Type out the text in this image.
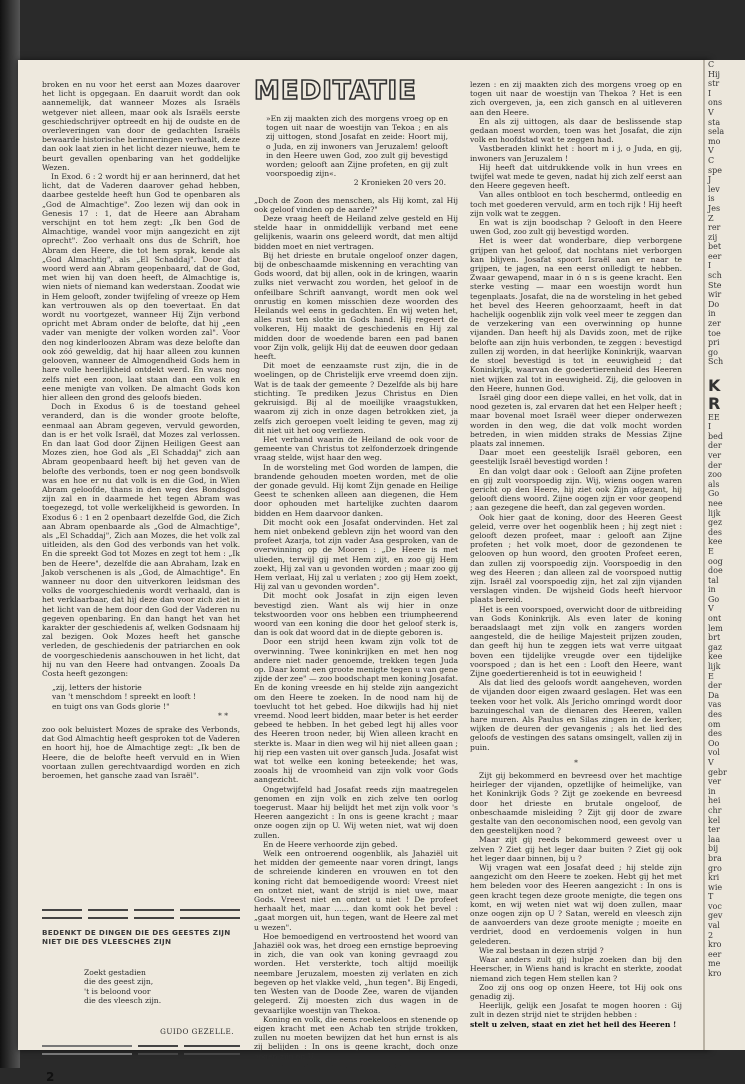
broken en nu voor het eerst aan Mozes daarover het licht is opgegaan. En daaruit wordt dan ook aannemelijk, dat wanneer Mozes als Israëls wetgever niet alleen, maar ook als Israëls eerste geschiedschrijver optreedt en hij de oudste en de overleveringen van door de gedachten Israëls bewaarde historische herinneringen verhaalt, deze dan ook laat zien in het licht dezer nieuwe, hem te beurt gevallen openbaring van het goddelijke Wezen.

In Exod. 6 : 2 wordt hij er aan herinnerd, dat het licht, dat de Vaderen daarover gehad hebben, daarbee gestelde heeft hun God te openbaren als „God de Almachtige". Zoo lezen wij dan ook in Genesis 17 : 1, dat de Heere aan Abraham verschijnt en tot hem zegt: „Ik ben God de Almachtige, wandel voor mijn aangezicht en zijt oprecht". Zoo verhaalt ons dus de Schrift, hoe Abram den Heere, die tot hem sprak, kende als „God Almachtig", als „El Schaddaj". Door dat woord werd aan Abram geopenbaard, dat de God, met wien hij van doen heeft, de Almachtige is, wien niets of niemand kan wederstaan. Zoodat wie in Hem gelooft, zonder twijfeling of vreeze op Hem kan vertrouwen als op den toevertaat. En dat wordt nu voortgezet, wanneer Hij Zijn verbond opricht met Abram onder de belofte, dat hij „een vader van menigte der volken worden zal". Voor den nog kinderloozen Abram was deze belofte dan ook zóó geweldig, dat hij haar alleen zou kunnen gelooven, wanneer de Almogendheid Gods hem in hare volle heerlijkheid ontdekt werd. En was nog zelfs niet een zoon, laat staan dan een volk en eene menigte van volken. De almacht Gods kon hier alleen den grond des geloofs bieden.

Doch in Exodus 6 is de toestand geheel veranderd, dan is die wonder groote belofte, eenmaal aan Abram gegeven, vervuld geworden, dan is er het volk Israël, dat Mozes zal verlossen. En dan laat God door Zijnen Heiligen Geest aan Mozes zien, hoe God als „El Schaddaj" zich aan Abram geopenbaard heeft bij het geven van de belofte des verbonds, toen er nog geen bondsvolk was en hoe er nu dat volk is en die God, in Wien Abram geloofde, thans in den weg des Bondsgod zijn zal en in daarmede het tegen Abram was toegezegd, tot volle werkelijkheid is geworden. In Exodus 6 : 1 en 2 openbaart dezelfde God, die Zich aan Abram openbaarde als „God de Almachtige", als „El Schaddaj", Zich aan Mozes, die het volk zal uitleiden, als den God des verbonds van het volk. En die spreekt God tot Mozes en zegt tot hem : „Ik ben de Heere", dezelfde die aan Abraham, Izak en Jakob verschenen is als „God, de Almachtige". En wanneer nu door den uitverkoren leidsman des volks de voorgeschiedenis wordt verhaald, dan is het verklaarbaar, dat hij deze dan voor zich ziet in het licht van de hem door den God der Vaderen nu gegeven openbaring. En dan hangt het van het karakter der geschiedenis af, welken Godsnaam hij zal bezigen. Ook Mozes heeft het gansche verleden, de geschiedenis der patriarchen en ook de voorgeschiedenis aanschouwen in het licht, dat hij nu van den Heere had ontvangen. Zooals Da Costa heeft gezongen:

„zij, letters der historie
van 't menschdom ! spreekt en looft !
en tuigt ons van Gods glorie !"
* *

zoo ook beluistert Mozes de sprake des Verbonds, dat God Almachtig heeft gesproken tot de Vaderen en hoort hij, hoe de Almachtige zegt: „Ik ben de Heere, die de belofte heeft vervuld en in Wien voortaan zullen gerechtvaardigd worden en zich beroemen, het gansche zaad van Israël".

BEDENKT DE DINGEN DIE DES GEESTES ZIJN NIET DIE DES VLEESCHES ZIJN
Zoekt gestadien
die des geest zijn,
't is beloond voor
die des vleesch zijn.
GUIDO GEZELLE.
2
MEDITATIE
»En zij maakten zich des morgens vroeg op en togen uit naar de woestijn van Tekoa ; en als zij uittogen, stond Josafat en zeide: Hoort mij, o Juda, en zij inwoners van Jeruzalem! gelooft in den Heere uwen God, zoo zult gij bevestigd worden; gelooft aan Zijne profeten, en gij zult voorspoedig zijn«.
2 Kronieken 20 vers 20.

„Doch de Zoon des menschen, als Hij komt, zal Hij ook geloof vinden op de aarde?"

Deze vraag heeft de Heiland zelve gesteld en Hij stelde haar in onmiddellijk verband met eene gelijkenis, waarin ons geleerd wordt, dat men altijd bidden moet en niet vertragen.

Bij het drieste en brutale ongeloof onzer dagen, bij de onbeschaamde miskenning en verachting van Gods woord, dat bij allen, ook in de kringen, waarin zulks niet verwacht zou worden, het geloof in de onfeilbare Schrift aanvangt, wordt men ook wel onrustig en komen misschien deze woorden des Heilands wel eens in gedachten. En wij weten het, alles rust ten slotte in Gods hand. Hij regeert de volkeren, Hij maakt de geschiedenis en Hij zal midden door de woedende baren een pad banen voor Zijn volk, gelijk Hij dat de eeuwen door gedaan heeft.

Dit moet de eenzaamste rust zijn, die in de woelingen, op de Christelijk erve vreemd doen zijn. Wat is de taak der gemeente ? Dezelfde als bij hare stichting. Te prediken Jezus Christus en Dien gekruisigd. Bij al de moeilijke vraagstukken, waarom zij zich in onze dagen betrokken ziet, ja zelfs zich geroepen voelt leiding te geven, mag zij dit niet uit het oog verliezen.

Het verband waarin de Heiland de ook voor de gemeente van Christus tot zelfonderzoek dringende vraag stelde, wijst haar den weg.

In de worsteling met God worden de lampen, die brandende gehouden moeten worden, met de olie der gonade gevuld. Hij komt Zijn genade en Heilige Geest te schenken alleen aan diegenen, die Hem door ophouden met hartelijke zuchten daarom bidden en Hem daarvoor danken.

Dit mocht ook een Josafat ondervinden. Het zal hem niet onbekend geblevn zijn het woord van den profeet Azarja, tot zijn vader Asa gesproken, van de overwinning op de Mooren : „De Heere is met ulieden, terwijl gij met Hem zijt, en zoo gij Hem zoekt, Hij zal van u gevonden worden ; maar zoo gij Hem verlaat, Hij zal u verlaten ; zoo gij Hem zoekt, Hij zal van u gevonden worden".

Dit mocht ook Josafat in zijn eigen leven bevestigd zien. Want als wij hier in onze tekstwoorden voor ons hebben een triumpheerend woord van een koning die door het geloof sterk is, dan is ook dat woord dat in de diepte geboren is.

Door een strijd heen kwam zijn volk tot de overwinning. Twee koninkrijken en met hen nog andere niet nader genoemde, trekken tegen Juda op. Daar komt een groote menigte tegen u van gene zijde der zee" — zoo boodschapt men koning Josafat. En de koning vreesde en hij stelde zijn aangezicht om den Heere te zoeken. In de nood nam hij de toevlucht tot het gebed. Hoe dikwijls had hij niet vreemd. Nood leert bidden, maar beter is het eerder gebeed te hebben. In het gebed legt hij alles voor des Heeren troon neder, bij Wien alleen kracht en sterkte is. Maar in dien weg wil hij niet alleen gaan ; hij riep een vasten uit over gansch Juda. Josafat wist wat tot welke een koning beteekende; het was, zooals hij de vroomheid van zijn volk voor Gods aangezicht.

Ongetwijfeld had Josafat reeds zijn maatregelen genomen en zijn volk en zich zelve ten oorlog toegerust. Maar hij belijdt het met zijn volk voor 's Heeren aangezicht : In ons is geene kracht ; maar onze oogen zijn op U. Wij weten niet, wat wij doen zullen.

En de Heere verhoorde zijn gebed.

Welk een ontroerend oogenblik, als Jahaziël uit het midden der gemeente naar voren dringt, langs de schreiende kinderen en vrouwen en tot den koning richt dat bemoedigende woord: Vreest niet en ontzet niet, want de strijd is niet uwe, maar Gods. Vreest niet en ontzet u niet ! De profeet herhaalt het, maar ...... dan komt ook het bevel : „gaat morgen uit, hun tegen, want de Heere zal met u wezen".

Hoe bemoedigend en vertroostend het woord van Jahaziël ook was, het droeg een ernstige beproeving in zich, die van ook van koning gevraagd zou worden. Het versterkte, toch altijd moeilijk neembare Jeruzalem, moesten zij verlaten en zich begeven op het vlakke veld, „hun tegen". Bij Engedi, ten Westen van de Doode Zee, waren de vijanden gelegerd. Zij moesten zich dus wagen in de gevaarlijke woestijn van Thekoa.

Koning en volk, die eens roekeloos en stenende op eigen kracht met een Achab ten strijde trokken, zullen nu moeten bewijzen dat het hun ernst is als zij belijden : In ons is geene kracht, doch onze oogen zijn op U.

Gevoelen wij nu wat daarachter staat, als wij

lezen : en zij maakten zich des morgens vroeg op en togen uit naar de woestijn van Thekoa ? Het is een zich overgeven, ja, een zich gansch en al uitleveren aan den Heere.

En als zij uittogen, als daar de beslissende stap gedaan moest worden, toen was het Josafat, die zijn volk en hoofdstad wat te zeggen had.

Vastberaden klinkt het : hoort m i j, o Juda, en gij, inwoners van Jeruzalem !

Hij heeft dat uitdrukkende volk in hun vrees en twijfel wat mede te geven, nadat hij zich zelf eerst aan den Heere gegeven heeft.

Van alles ontbloot en toch beschermd, ontleedig en toch met goederen vervuld, arm en toch rijk ! Hij heeft zijn volk wat te zeggen.

En wat is zijn boodschap ? Gelooft in den Heere uwen God, zoo zult gij bevestigd worden.

Het is weer dat wonderbare, diep verborgene grijpen van het geloof, dat nochtans niet verborgen kan blijven. Josafat spoort Israël aan er naar te grijpen, te jagen, na een eerst onlledigt te hebben. Zwaar gewapend, maar in ó n s is geene kracht. Een sterke vesting — maar een woestijn wordt hun tegenplaats. Josafat, die na de worsteling in het gebed het bevel des Heeren gehoorzaamt, heeft in dat hachelijk oogenblik zijn volk veel meer te zeggen dan de verzekering van een overwinning op hunne vijanden. Dan heeft hij als Davids zoon, met de rijke belofte aan zijn huis verbonden, te zeggen : bevestigd zullen zij worden, in dat heerlijke Koninkrijk, waarvan de stoel bevestigd is tot in eeuwigheid ; dat Koninkrijk, waarvan de goedertierenheid des Heeren niet wijken zal tot in eeuwigheid. Zij, die gelooven in den Heere, hunnen God.

Israël ging door een diepe vallei, en het volk, dat in nood gezeten is, zal ervaren dat het een Helper heeft ; maar bovenal moet Israël weer dieper onderwezen worden in den weg, die dat volk mocht worden betreden, in wien midden straks de Messias Zijne plaats zal innemen.

Daar moet een geestelijk Israël geboren, een geestelijk Israël bevestigd worden !

En dan volgt daar ook : Gelooft aan Zijne profeten en gij zult voorspoedig zijn. Wij, wiens oogen waren gericht op den Heere, hij ziet ook Zijn afgezant, hij gelooft diens woord. Zijne oogen zijn er voor geopend ; aan gezegene die heeft, dan zal gegeven worden.

Ook hier gaat de koning, door des Heeren Geest geleid, verre over het oogenblik heen ; hij zegt niet : gelooft dezen profeet, maar : gelooft aan Zijne profeten ; het volk moet, door de gezondenen te gelooven op hun woord, den grooten Profeet eeren, dan zullen zij voorspoedig zijn. Voorspoedig in den weg des Heeren ; dan alleen zal de voorspoed nuttig zijn. Israël zal voorspoedig zijn, het zal zijn vijanden verslagen vinden. De wijsheid Gods heeft hiervoor plaats bereid.

Het is een voorspoed, overwicht door de uitbreiding van Gods Koninkrijk. Als even later de koning beraadslaagt met zijn volk en zangers worden aangesteld, die de heilige Majesteit prijzen zouden, dan geeft hij hun te zeggen iets wat verre uitgaat boven een tijdelijke vreugde over een tijdelijke voorspoed ; dan is het een : Looft den Heere, want Zijne goedertierenheid is tot in eeuwigheid !

Als dat lied des geloofs wordt aangeheven, worden de vijanden door eigen zwaard geslagen. Het was een teeken voor het volk. Als Jericho omringd wordt door bazuingeschal van de dienaren des Heeren, vallen hare muren. Als Paulus en Silas zingen in de kerker, wijken de deuren der gevangenis ; als het lied des geloofs de vestingen des satans omsingelt, vallen zij in puin.

*

Zijt gij bekommerd en bevreesd over het machtige heirleger der vijanden, opzetlijke of heimelijke, van het Koninkrijk Gods ? Zijt ge zoekende en bevreesd door het drieste en brutale ongeloof, de onbeschaamde misleiding ? Zijt gij door de zware gestalte van den oeconomischen nood, een gevolg van den geestelijken nood ?

Maar zijt gij reeds bekommerd geweest over u zelven ? Ziet gij het leger daar buiten ? Ziet gij ook het leger daar binnen, bij u ?

Wij vragen wat een Josafat deed ; hij stelde zijn aangezicht om den Heere te zoeken. Hebt gij het met hem beleden voor des Heeren aangezicht : In ons is geen kracht tegen deze groote menigte, die tegen ons komt, en wij weten niet wat wij doen zullen, maar onze oogen zijn op U ? Satan, wereld en vleesch zijn de aanvoerders van deze groote menigte ; moeite en verdriet, dood en verdoemenis volgen in hun gelederen.

Wie zal bestaan in dezen strijd ?

Waar anders zult gij hulpe zoeken dan bij den Heerscher, in Wiens hand is kracht en sterkte, zoodat niemand zich tegen Hem stellen kan ?

Zoo zij ons oog op onzen Heere, tot Hij ook ons genadig zij.

Heerlijk, gelijk een Josafat te mogen hooren : Gij zult in dezen strijd niet te strijden hebben :

stelt u zelven, staat en ziet het heil des Heeren !

C
Hij
str
I
ons
V
sta
sela
mo
V
C
spe
J
lev
is
Jes
Z
rer
zij
bet
eer
I
sch
Ste
wir
Do
in
zer
toe
pri
go
Sch
K
R
EE
I
bed
der
ver
der
zoo
als
Go
nee
lijk
gez
des
kee
E
oog
doe
tal
in
Go
V
ont
lem
brt
gaz
kee
lijk
E
der
Da
vas
des
om
des
Oo
vol
V
gebr
ver
in
hei
chr
kel
ter
laa
bij
bra
gro
kri
wie
T
voc
gev
val
2
kro
eer
me
kro
